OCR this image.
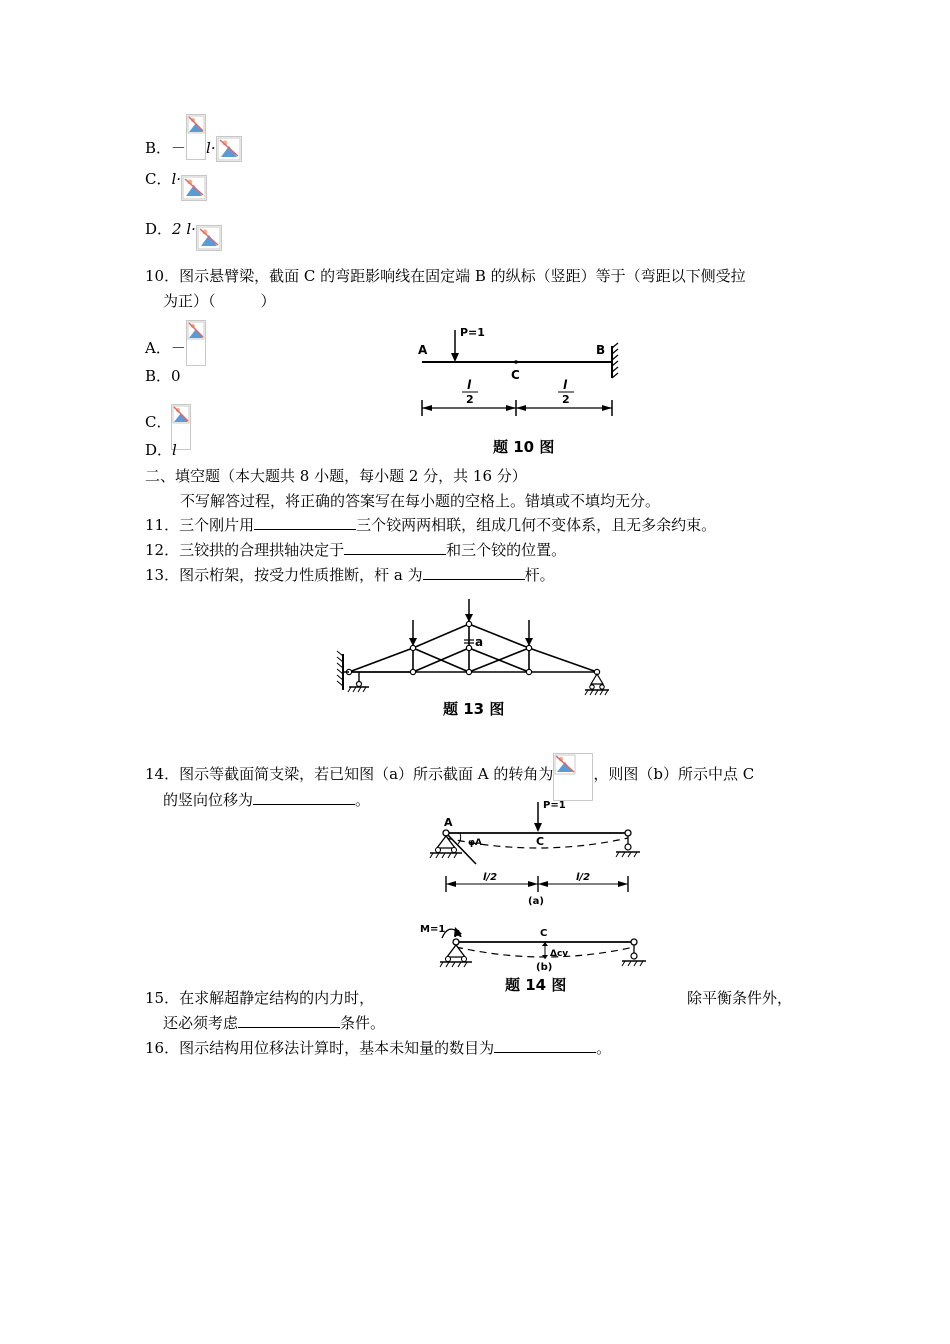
B．－ l·
C．l·
D．2 l·
10．图示悬臂梁，截面 C 的弯距影响线在固定端 B 的纵标（竖距）等于（弯距以下侧受拉
为正）（　　　）
A．－
B．0
C．
D．l
P=1
A	B
C
l
2
l
2
题 10 图
二、填空题（本大题共 8 小题，每小题 2 分，共 16 分）
不写解答过程，将正确的答案写在每小题的空格上。错填或不填均无分。
11．三个刚片用	三个铰两两相联，组成几何不变体系，且无多余约束。
12．三铰拱的合理拱轴决定于	和三个铰的位置。
13．图示桁架，按受力性质推断，杆 a 为	杆。
a
题 13 图
14．图示等截面简支梁，若已知图（a）所示截面 A 的转角为	，则图（b）所示中点 C
的竖向位移为	。	P=1
A
C
φA
l/2	l/2
(a)
M=1 A	C
Δcv
(b)
题 14 图
15．在求解超静定结构的内力时，	除平衡条件外，
还必须考虑	条件。
16．图示结构用位移法计算时，基本未知量的数目为	。
